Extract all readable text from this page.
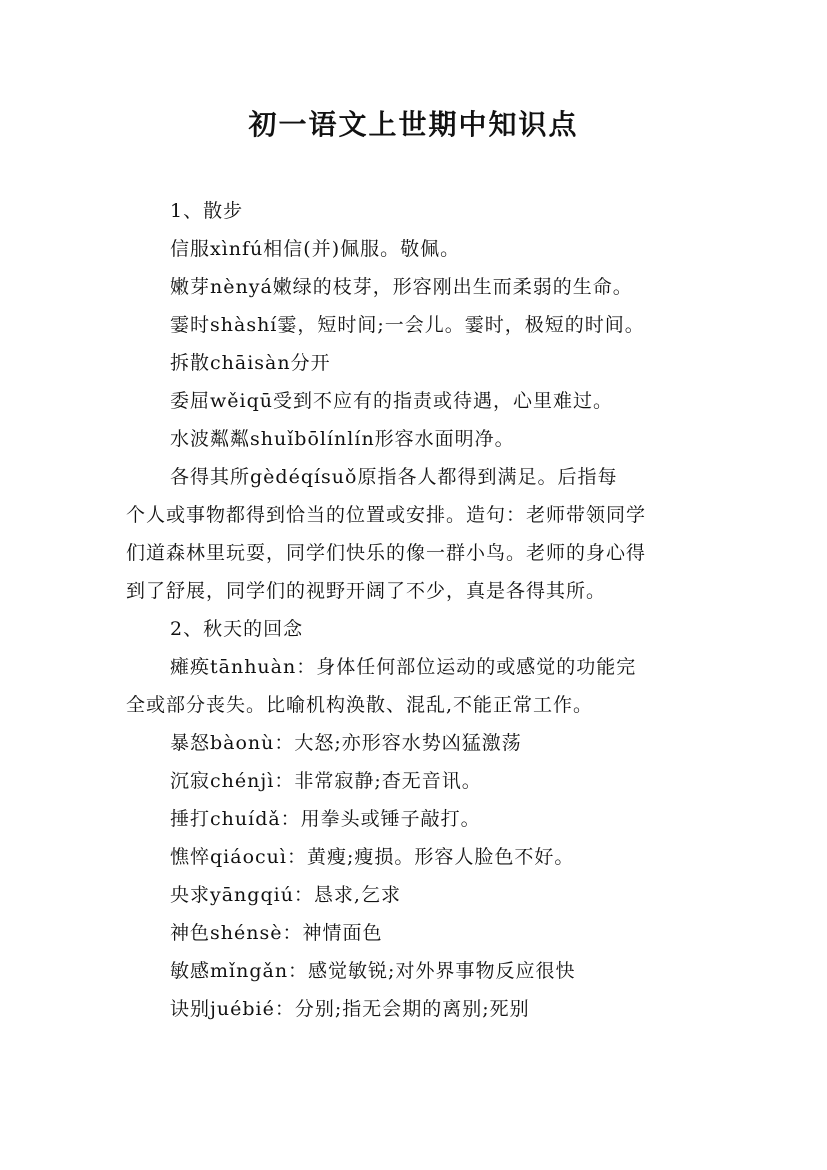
初一语文上世期中知识点
1、散步
信服xìnfú相信(并)佩服。敬佩。
嫩芽nènyá嫩绿的枝芽，形容刚出生而柔弱的生命。
霎时shàshí霎，短时间;一会儿。霎时，极短的时间。
拆散chāisàn分开
委屈wěiqū受到不应有的指责或待遇，心里难过。
水波粼粼shuǐbōlínlín形容水面明净。
各得其所gèdéqísuǒ原指各人都得到满足。后指每
个人或事物都得到恰当的位置或安排。造句：老师带领同学
们道森林里玩耍，同学们快乐的像一群小鸟。老师的身心得
到了舒展，同学们的视野开阔了不少，真是各得其所。
2、秋天的回念
瘫痪tānhuàn：身体任何部位运动的或感觉的功能完
全或部分丧失。比喻机构涣散、混乱,不能正常工作。
暴怒bàonù：大怒;亦形容水势凶猛激荡
沉寂chénjì：非常寂静;杳无音讯。
捶打chuídǎ：用拳头或锤子敲打。
憔悴qiáocuì：黄瘦;瘦损。形容人脸色不好。
央求yāngqiú：恳求,乞求
神色shénsè：神情面色
敏感mǐngǎn：感觉敏锐;对外界事物反应很快
诀别juébié：分别;指无会期的离别;死别
